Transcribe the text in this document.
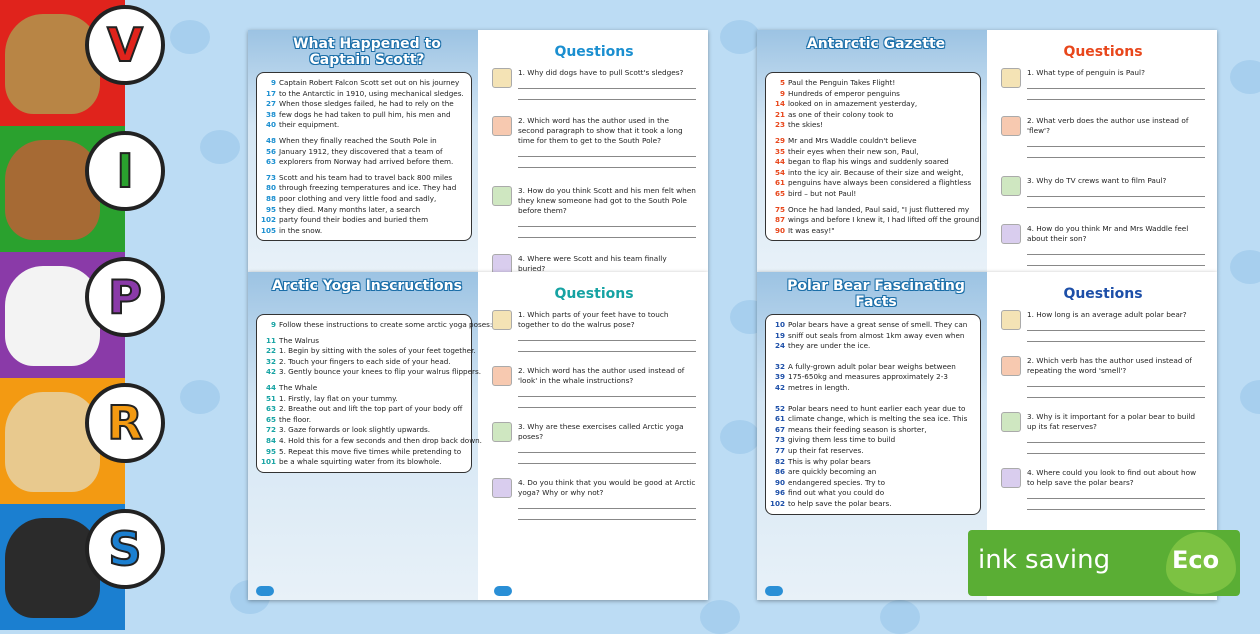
V
I
P
R
S
What Happened to Captain Scott?
9 Captain Robert Falcon Scott set out on his journey
17 to the Antarctic in 1910, using mechanical sledges.
27 When those sledges failed, he had to rely on the
38 few dogs he had taken to pull him, his men and
40 their equipment.
48 When they finally reached the South Pole in
56 January 1912, they discovered that a team of
63 explorers from Norway had arrived before them.
73 Scott and his team had to travel back 800 miles
80 through freezing temperatures and ice. They had
88 poor clothing and very little food and sadly,
95 they died. Many months later, a search
102 party found their bodies and buried them
105 in the snow.
Questions
1. Why did dogs have to pull Scott's sledges?
2. Which word has the author used in the second paragraph to show that it took a long time for them to get to the South Pole?
3. How do you think Scott and his men felt when they knew someone had got to the South Pole before them?
4. Where were Scott and his team finally buried?
Arctic Yoga Inscructions
9 Follow these instructions to create some arctic yoga poses:
11 The Walrus
22 1. Begin by sitting with the soles of your feet together.
32 2. Touch your fingers to each side of your head.
42 3. Gently bounce your knees to flip your walrus flippers.
44 The Whale
51 1. Firstly, lay flat on your tummy.
63 2. Breathe out and lift the top part of your body off
65 the floor.
72 3. Gaze forwards or look slightly upwards.
84 4. Hold this for a few seconds and then drop back down.
95 5. Repeat this move five times while pretending to
101 be a whale squirting water from its blowhole.
Questions
1. Which parts of your feet have to touch together to do the walrus pose?
2. Which word has the author used instead of 'look' in the whale instructions?
3. Why are these exercises called Arctic yoga poses?
4. Do you think that you would be good at Arctic yoga? Why or why not?
Antarctic Gazette
5 Paul the Penguin Takes Flight!
9 Hundreds of emperor penguins
14 looked on in amazement yesterday,
21 as one of their colony took to
23 the skies!
29 Mr and Mrs Waddle couldn't believe
35 their eyes when their new son, Paul,
44 began to flap his wings and suddenly soared
54 into the icy air. Because of their size and weight,
61 penguins have always been considered a flightless
65 bird – but not Paul!
75 Once he had landed, Paul said, "I just fluttered my
87 wings and before I knew it, I had lifted off the ground!
90 It was easy!"
Questions
1. What type of penguin is Paul?
2. What verb does the author use instead of 'flew'?
3. Why do TV crews want to film Paul?
4. How do you think Mr and Mrs Waddle feel about their son?
Polar Bear Fascinating Facts
10 Polar bears have a great sense of smell. They can
19 sniff out seals from almost 1km away even when
24 they are under the ice.
32 A fully-grown adult polar bear weighs between
39 175-650kg and measures approximately 2-3
42 metres in length.
52 Polar bears need to hunt earlier each year due to
61 climate change, which is melting the sea ice. This
67 means their feeding season is shorter,
73 giving them less time to build
77 up their fat reserves.
82 This is why polar bears
86 are quickly becoming an
90 endangered species. Try to
96 find out what you could do
102 to help save the polar bears.
Questions
1. How long is an average adult polar bear?
2. Which verb has the author used instead of repeating the word 'smell'?
3. Why is it important for a polar bear to build up its fat reserves?
4. Where could you look to find out about how to help save the polar bears?
ink saving	Eco
